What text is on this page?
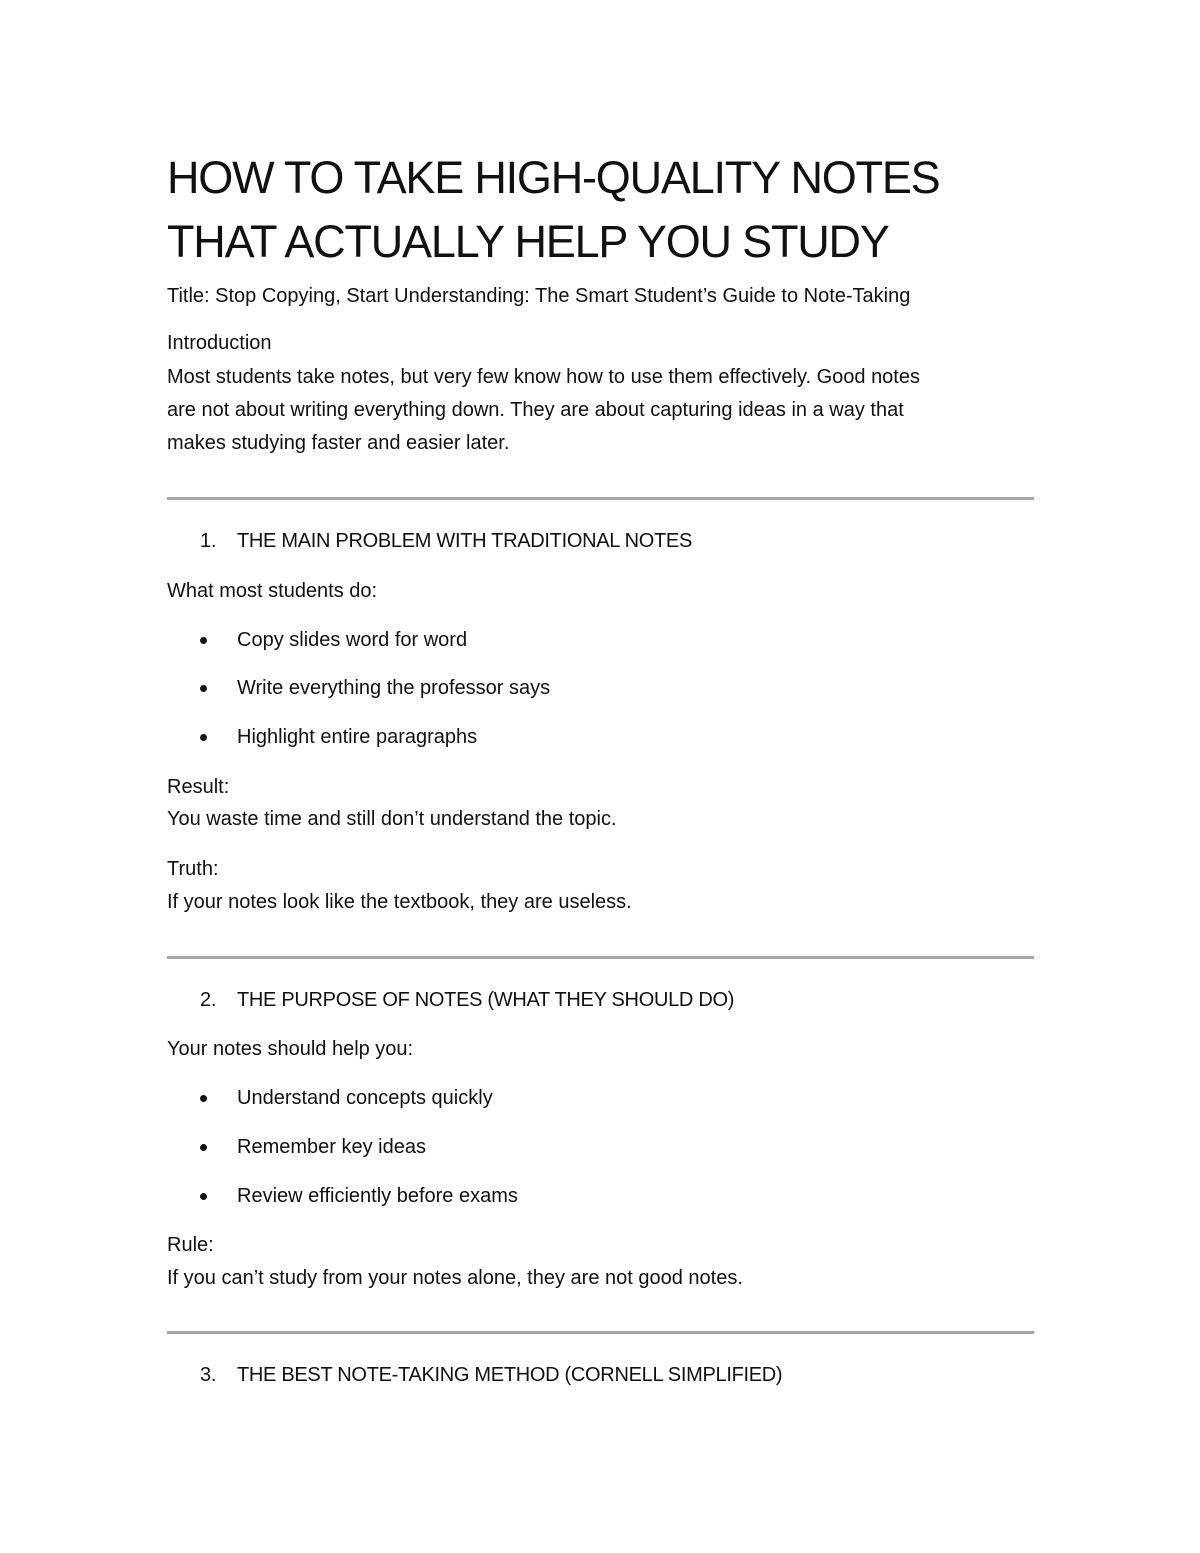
HOW TO TAKE HIGH-QUALITY NOTES
THAT ACTUALLY HELP YOU STUDY
Title: Stop Copying, Start Understanding: The Smart Student’s Guide to Note-Taking
Introduction
Most students take notes, but very few know how to use them effectively. Good notes
are not about writing everything down. They are about capturing ideas in a way that
makes studying faster and easier later.
1. THE MAIN PROBLEM WITH TRADITIONAL NOTES
What most students do:
Copy slides word for word
Write everything the professor says
Highlight entire paragraphs
Result:
You waste time and still don’t understand the topic.
Truth:
If your notes look like the textbook, they are useless.
2. THE PURPOSE OF NOTES (WHAT THEY SHOULD DO)
Your notes should help you:
Understand concepts quickly
Remember key ideas
Review efficiently before exams
Rule:
If you can’t study from your notes alone, they are not good notes.
3. THE BEST NOTE-TAKING METHOD (CORNELL SIMPLIFIED)
